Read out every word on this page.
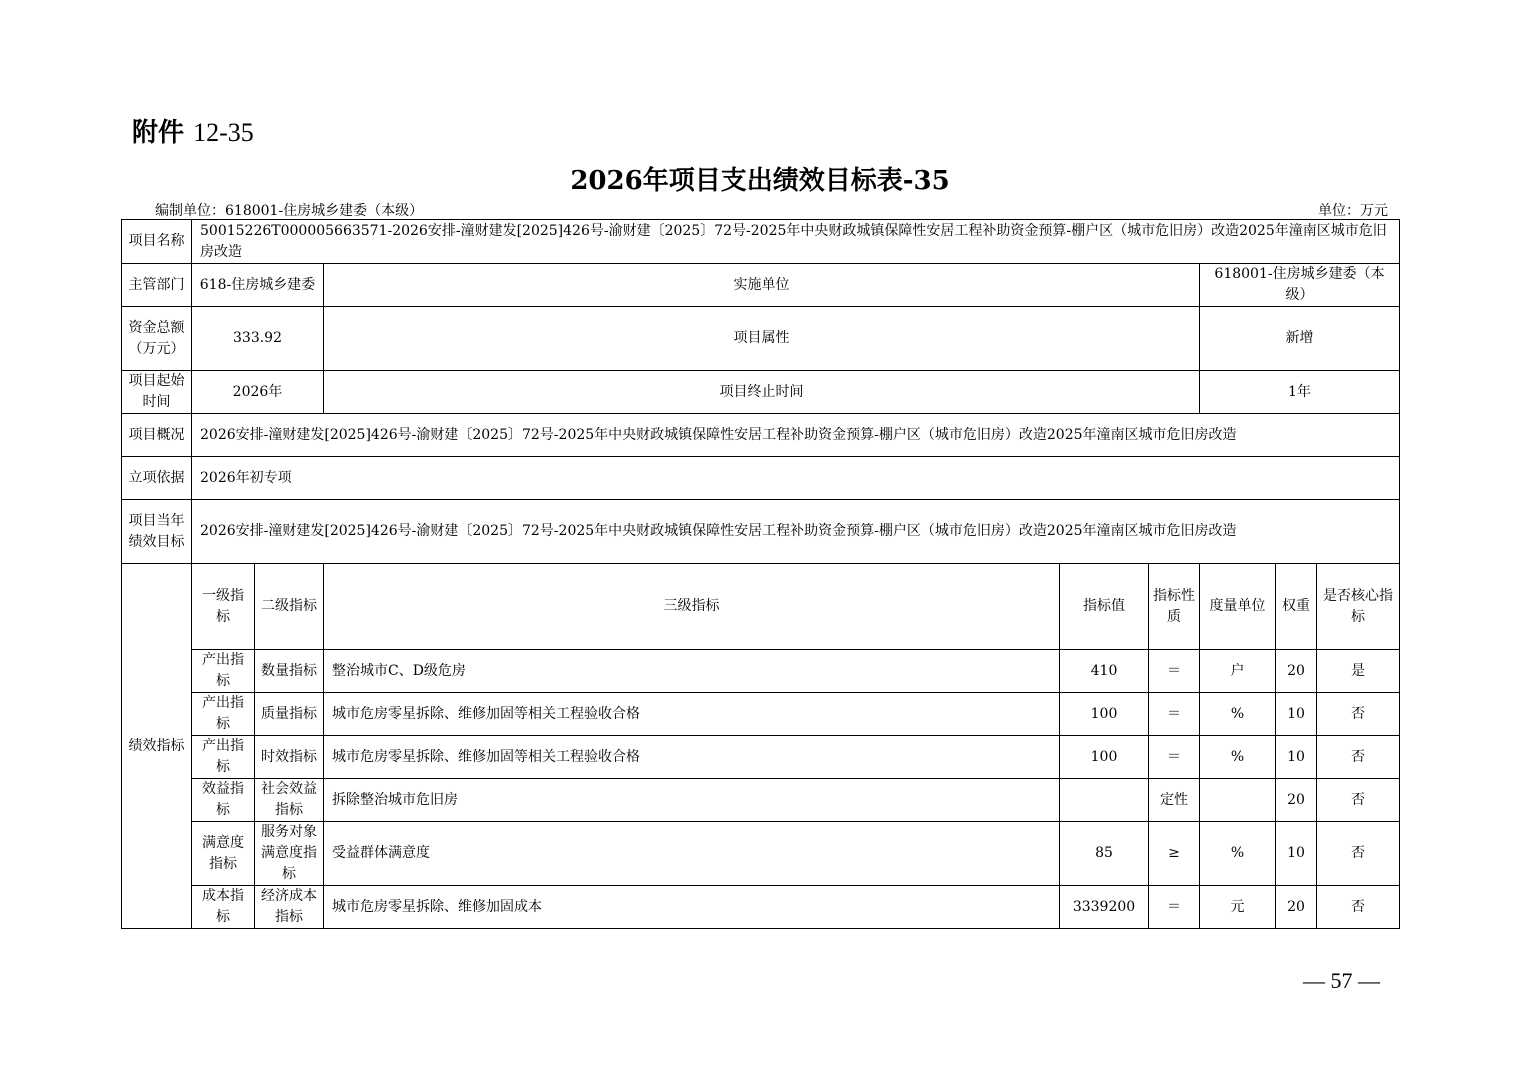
附件 12-35
2026年项目支出绩效目标表-35
编制单位：618001-住房城乡建委（本级）	单位：万元
项目名称	50015226T000005663571-2026安排-潼财建发[2025]426号-渝财建〔2025〕72号-2025年中央财政城镇保障性安居工程补助资金预算-棚户区（城市危旧房）改造2025年潼南区城市危旧房改造							
主管部门	618-住房城乡建委		实施单位			618001-住房城乡建委（本级）		
资金总额（万元）	333.92		项目属性			新增		
项目起始时间	2026年		项目终止时间			1年		
项目概况	2026安排-潼财建发[2025]426号-渝财建〔2025〕72号-2025年中央财政城镇保障性安居工程补助资金预算-棚户区（城市危旧房）改造2025年潼南区城市危旧房改造							
立项依据	2026年初专项							
项目当年绩效目标	2026安排-潼财建发[2025]426号-渝财建〔2025〕72号-2025年中央财政城镇保障性安居工程补助资金预算-棚户区（城市危旧房）改造2025年潼南区城市危旧房改造							
绩效指标	一级指标	二级指标	三级指标	指标值	指标性质	度量单位	权重	是否核心指标
	产出指标	数量指标	整治城市C、D级危房	410	＝	户	20	是
	产出指标	质量指标	城市危房零星拆除、维修加固等相关工程验收合格	100	＝	%	10	否
	产出指标	时效指标	城市危房零星拆除、维修加固等相关工程验收合格	100	＝	%	10	否
	效益指标	社会效益指标	拆除整治城市危旧房		定性		20	否
	满意度指标	服务对象满意度指标	受益群体满意度	85	≥	%	10	否
	成本指标	经济成本指标	城市危房零星拆除、维修加固成本	3339200	＝	元	20	否
— 57 —
